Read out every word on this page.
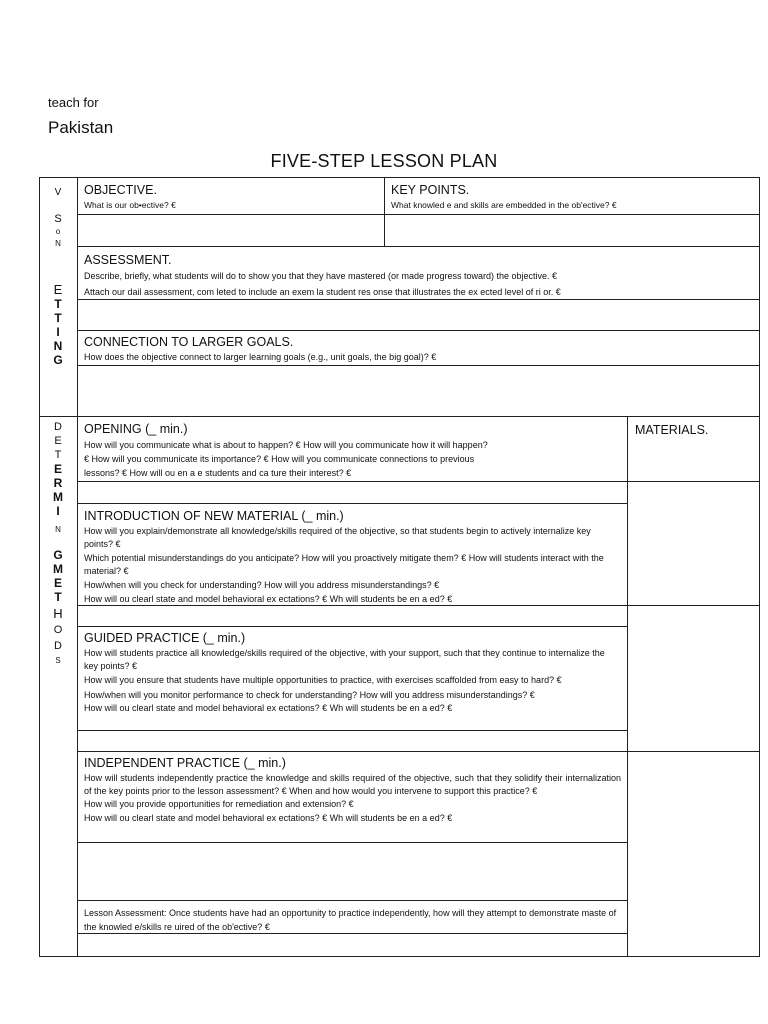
teach for
Pakistan
FIVE-STEP LESSON PLAN
V
S
o
N
E
T
T
I
N
G
D
E
T
E
R
M
I
N
G
M
E
T
H
O
D
S
OBJECTIVE.
What is our ob•ective? €
KEY POINTS.
What knowled e and skills are embedded in the ob'ective? €
ASSESSMENT.

Describe, briefly, what students will do to show you that they have mastered (or made progress toward) the objective. €

Attach our dail assessment, com leted to include an exem la student res onse that illustrates the ex ected level of ri or. €

CONNECTION TO LARGER GOALS.
How does the objective connect to larger learning goals (e.g., unit goals, the big goal)? €
MATERIALS.
OPENING (_ min.)

How will you communicate what is about to happen? € How will you communicate how it will happen?

€ How will you communicate its importance? € How will you communicate connections to previous

lessons? € How will ou en a e students and ca ture their interest? €

INTRODUCTION OF NEW MATERIAL (_ min.)

How will you explain/demonstrate all knowledge/skills required of the objective, so that students begin to actively internalize key points? €

Which potential misunderstandings do you anticipate? How will you proactively mitigate them? € How will students interact with the material? €

How/when will you check for understanding? How will you address misunderstandings? €

How will ou clearl state and model behavioral ex ectations? € Wh will students be en a ed? €

GUIDED PRACTICE (_ min.)

How will students practice all knowledge/skills required of the objective, with your support, such that they continue to internalize the key points? €

How will you ensure that students have multiple opportunities to practice, with exercises scaffolded from easy to hard? €

How/when will you monitor performance to check for understanding? How will you address misunderstandings? €

How will ou clearl state and model behavioral ex ectations? € Wh will students be en a ed? €

INDEPENDENT PRACTICE (_ min.)

How will students independently practice the knowledge and skills required of the objective, such that they solidify their internalization of the key points prior to the lesson assessment? € When and how would you intervene to support this practice? €

How will you provide opportunities for remediation and extension? €

How will ou clearl state and model behavioral ex ectations? € Wh will students be en a ed? €

Lesson Assessment: Once students have had an opportunity to practice independently, how will they attempt to demonstrate maste of the knowled e/skills re uired of the ob'ective? €
